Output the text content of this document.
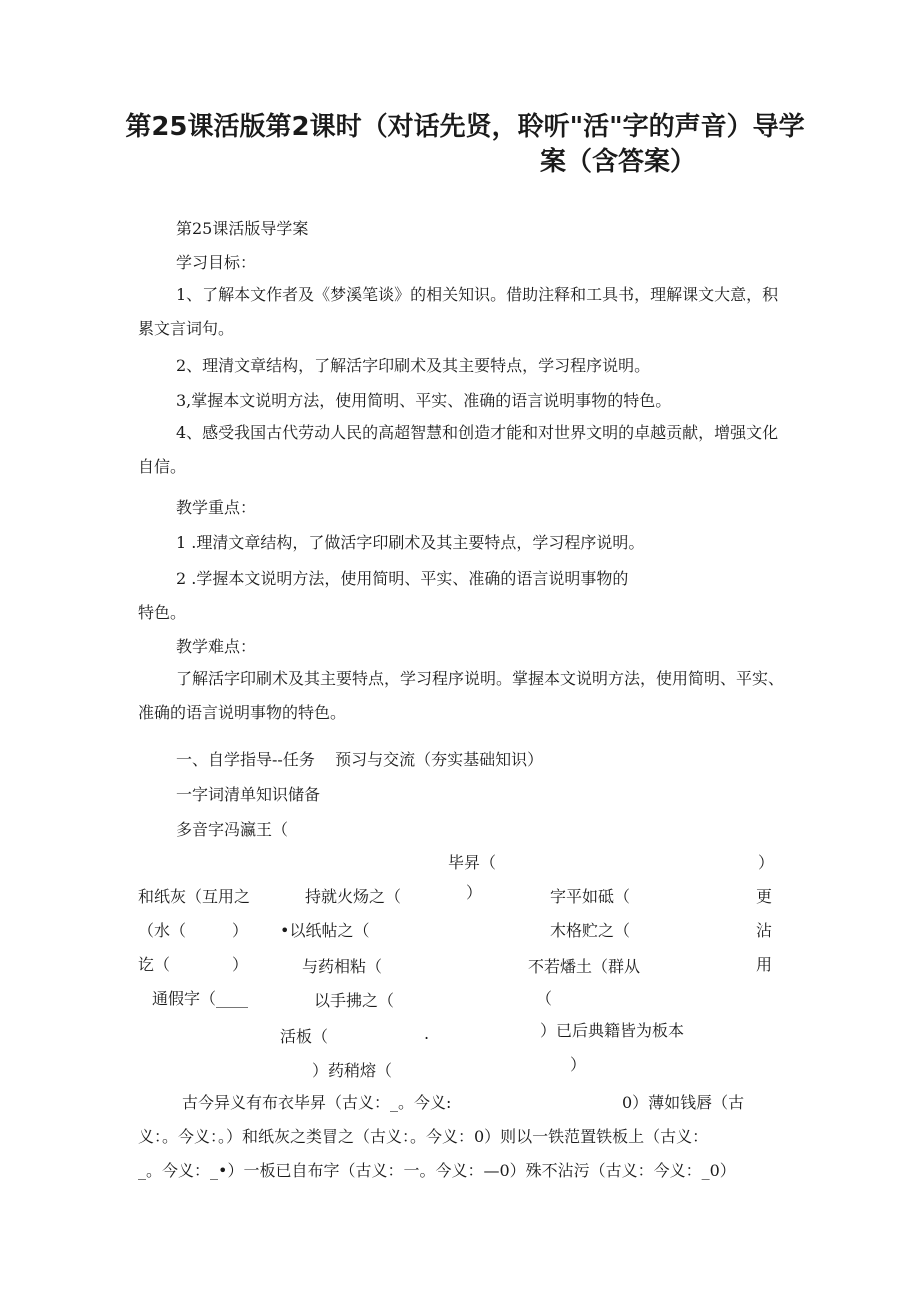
第25课活版第2课时（对话先贤，聆听"活"字的声音）导学
案（含答案）
第25课活版导学案
学习目标：
1、了解本文作者及《梦溪笔谈》的相关知识。借助注释和工具书，理解课文大意，积累文言词句。
2、理清文章结构，了解活字印刷术及其主要特点，学习程序说明。
3,掌握本文说明方法，使用简明、平实、准确的语言说明事物的特色。
4、感受我国古代劳动人民的高超智慧和创造才能和对世界文明的卓越贡献，增强文化自信。
教学重点：
1 .理清文章结构，了做活字印刷术及其主要特点，学习程序说明。
2 .学握本文说明方法，使用简明、平实、准确的语言说明事物的
特色。
教学难点：
了解活字印刷术及其主要特点，学习程序说明。掌握本文说明方法，使用简明、平实、准确的语言说明事物的特色。
一、自学指导--任务    预习与交流（夯实基础知识）
一字词清单知识储备
多音字冯瀛王（
毕昇（	）
和纸灰（互用之	持就火炀之（	）	字平如砥（	更
（水（	） •以纸帖之（	木格贮之（	沾
讫（	）	与药相粘（	不若燔土（群从	用
通假字（____	以手拂之（	（
活板（	.	）已后典籍皆为板本
）药稍熔（	）
古今异义有布衣毕昇（古义：_。今义:	0）薄如钱唇（古
义：。今义：。）和纸灰之类冒之（古义：。今义：0）则以一铁范置铁板上（古义：
_。今义：_•）一板已自布字（古义：一。今义：—0）殊不沾污（古义：今义：_0）
